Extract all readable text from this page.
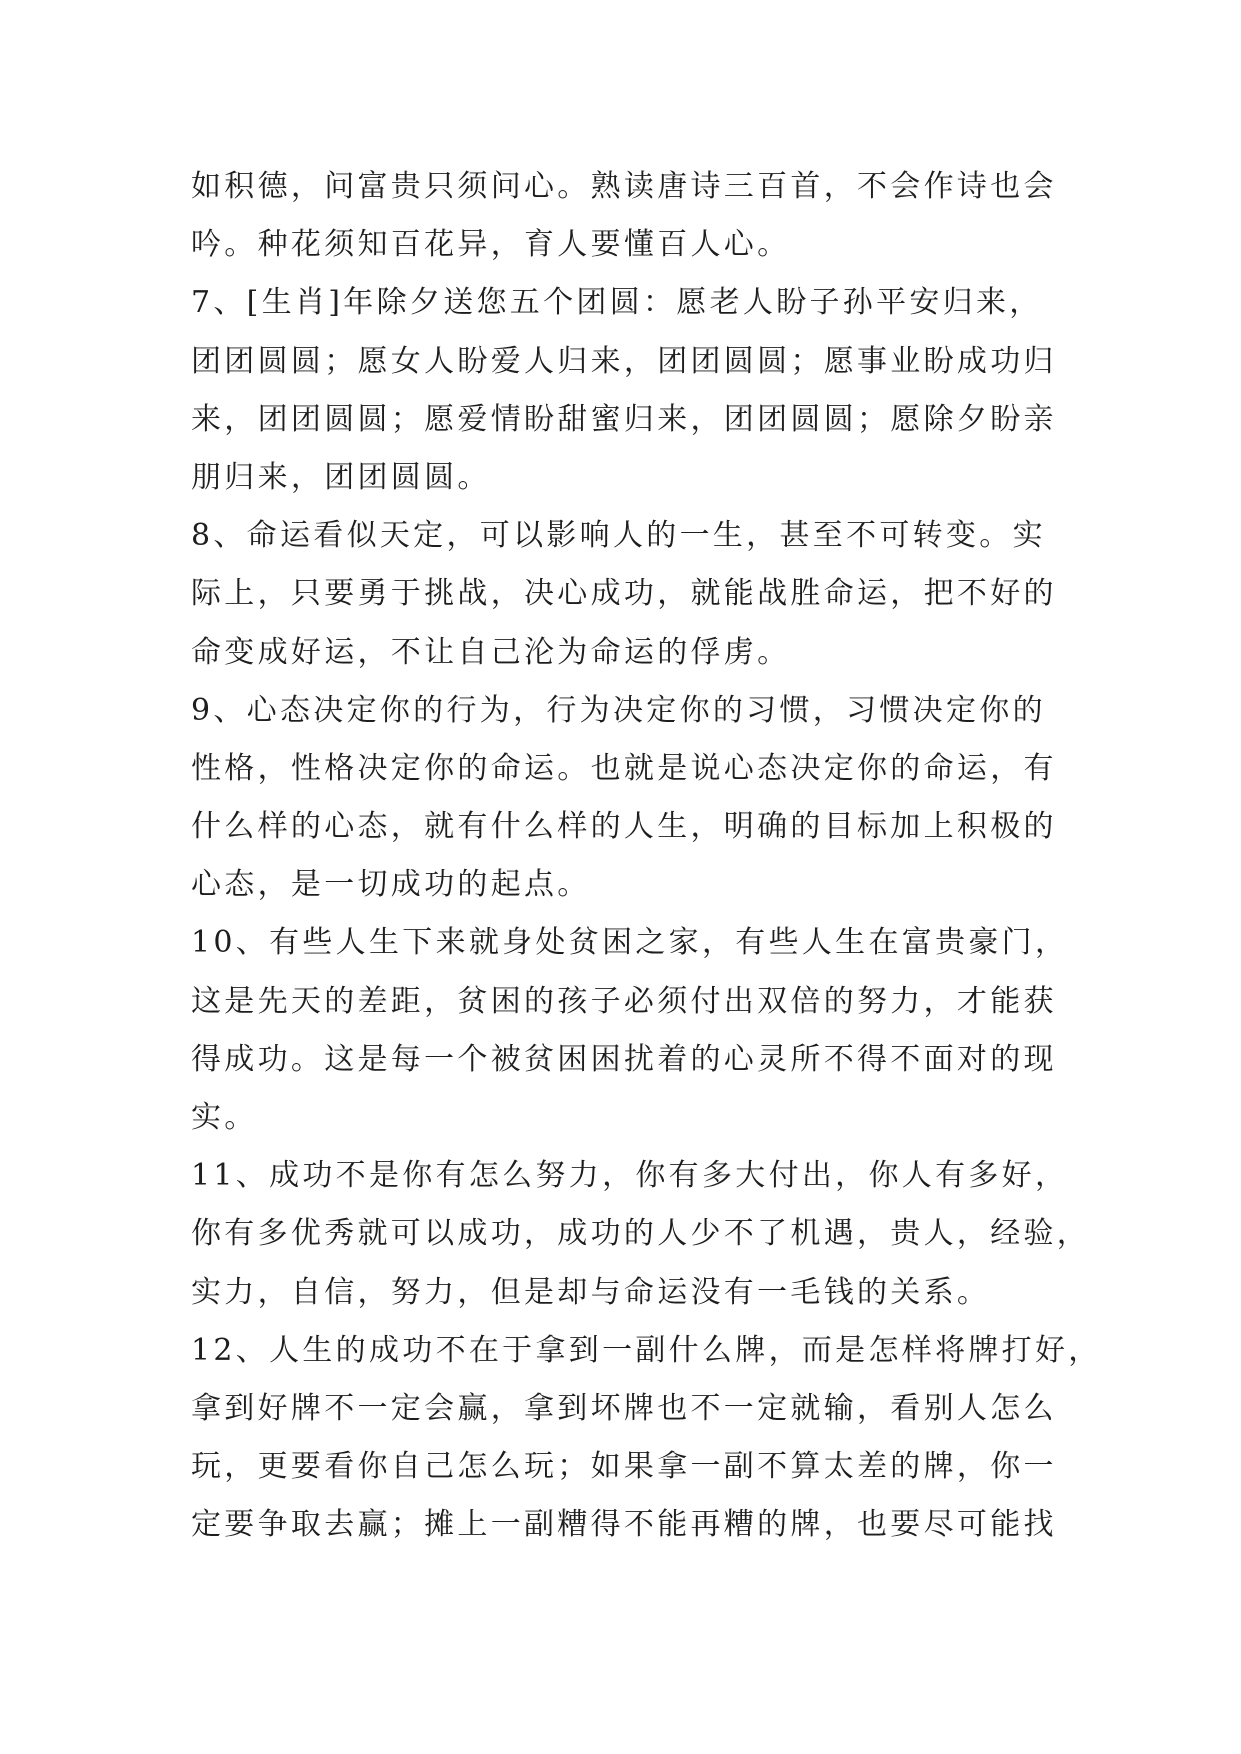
如积德，问富贵只须问心。熟读唐诗三百首，不会作诗也会

吟。种花须知百花异，育人要懂百人心。

7、[生肖]年除夕送您五个团圆：愿老人盼子孙平安归来，

团团圆圆；愿女人盼爱人归来，团团圆圆；愿事业盼成功归

来，团团圆圆；愿爱情盼甜蜜归来，团团圆圆；愿除夕盼亲

朋归来，团团圆圆。

8、命运看似天定，可以影响人的一生，甚至不可转变。实

际上，只要勇于挑战，决心成功，就能战胜命运，把不好的

命变成好运，不让自己沦为命运的俘虏。

9、心态决定你的行为，行为决定你的习惯，习惯决定你的

性格，性格决定你的命运。也就是说心态决定你的命运，有

什么样的心态，就有什么样的人生，明确的目标加上积极的

心态，是一切成功的起点。

10、有些人生下来就身处贫困之家，有些人生在富贵豪门，

这是先天的差距，贫困的孩子必须付出双倍的努力，才能获

得成功。这是每一个被贫困困扰着的心灵所不得不面对的现

实。

11、成功不是你有怎么努力，你有多大付出，你人有多好，

你有多优秀就可以成功，成功的人少不了机遇，贵人，经验，

实力，自信，努力，但是却与命运没有一毛钱的关系。

12、人生的成功不在于拿到一副什么牌，而是怎样将牌打好，

拿到好牌不一定会赢，拿到坏牌也不一定就输，看别人怎么

玩，更要看你自己怎么玩；如果拿一副不算太差的牌，你一

定要争取去赢；摊上一副糟得不能再糟的牌，也要尽可能找
